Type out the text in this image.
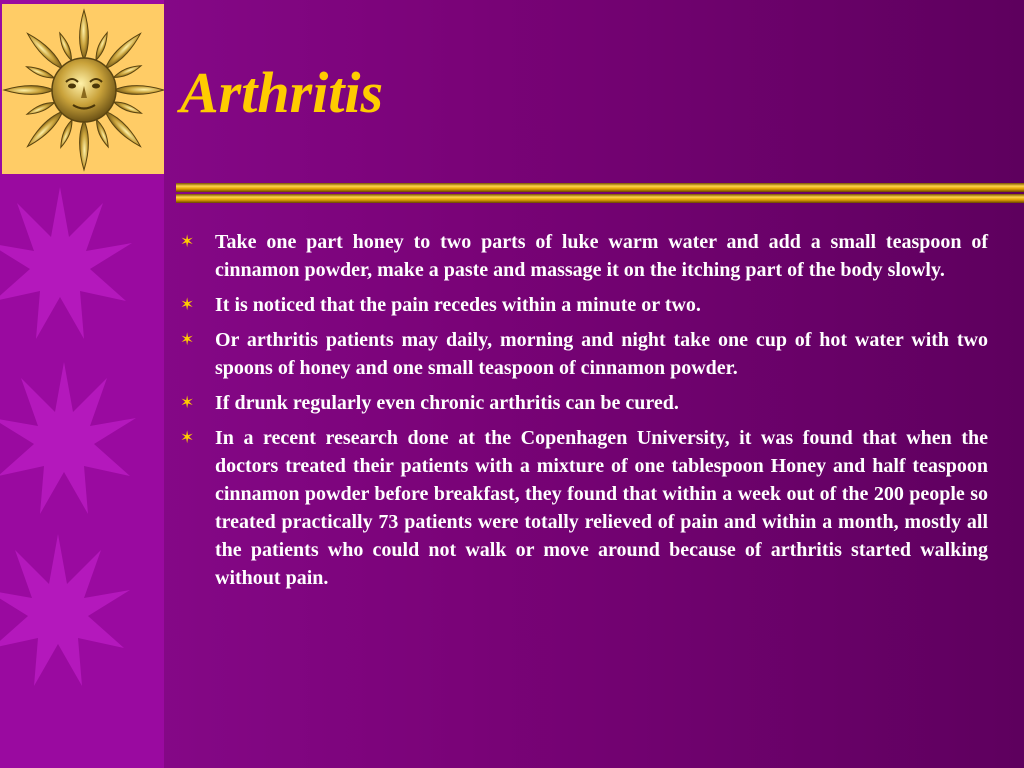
Arthritis
✶ Take one part honey to two parts of luke warm water and add a small teaspoon of cinnamon powder, make a paste and massage it on the itching part of the body slowly.
✶ It is noticed that the pain recedes within a minute or two.
✶ Or arthritis patients may daily, morning and night take one cup of hot water with two spoons of honey and one small teaspoon of cinnamon powder.
✶ If drunk regularly even chronic arthritis can be cured.
✶ In a recent research done at the Copenhagen University, it was found that when the doctors treated their patients with a mixture of one tablespoon Honey and half teaspoon cinnamon powder before breakfast, they found that within a week out of the 200 people so treated practically 73 patients were totally relieved of pain and within a month, mostly all the patients who could not walk or move around because of arthritis started walking without pain.
